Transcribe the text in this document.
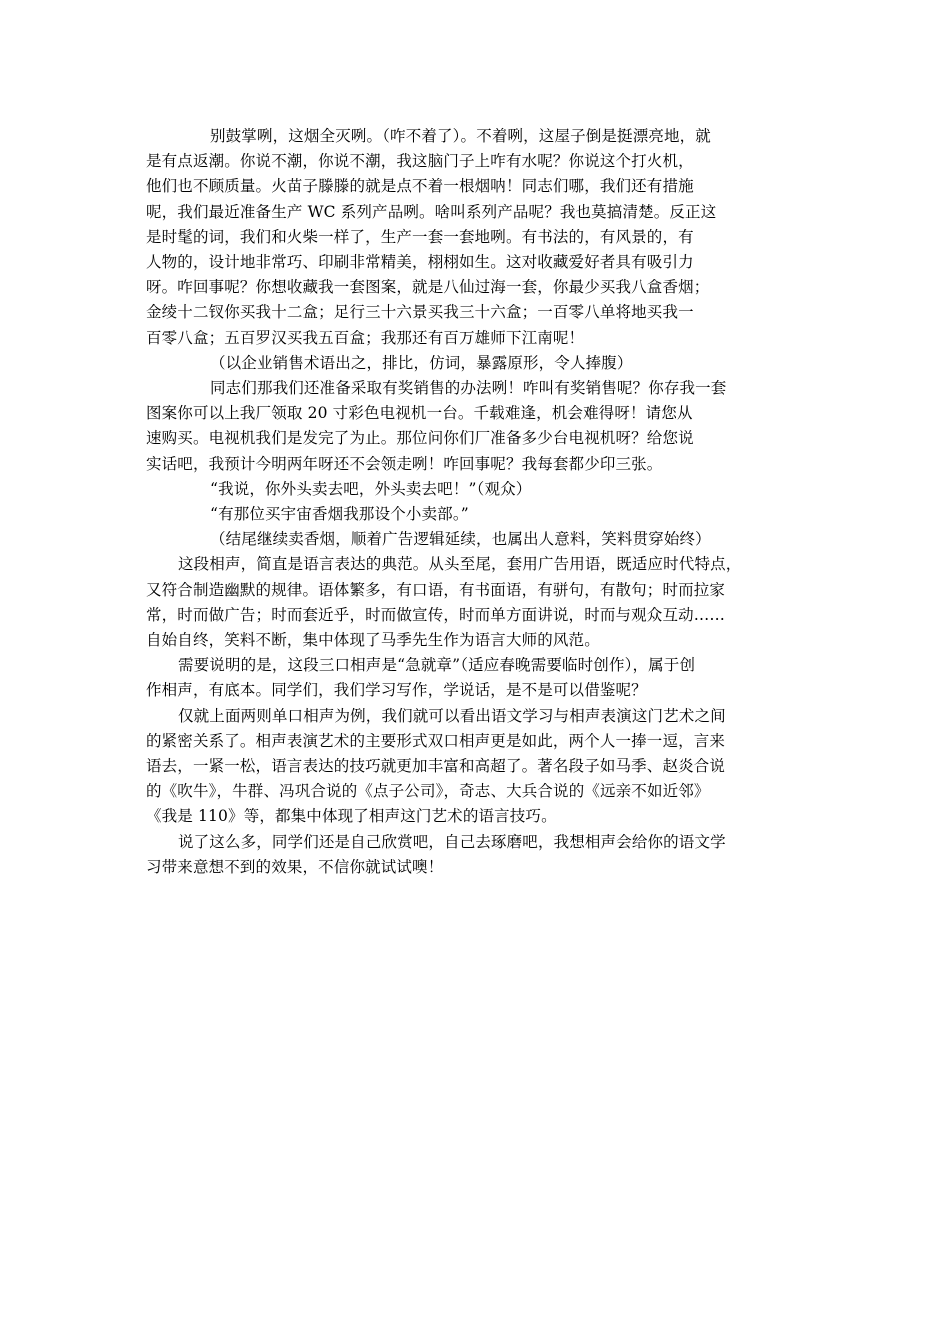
别鼓掌咧，这烟全灭咧。（咋不着了）。不着咧，这屋子倒是挺漂亮地，就
是有点返潮。你说不潮，你说不潮，我这脑门子上咋有水呢？你说这个打火机，
他们也不顾质量。火苗子滕滕的就是点不着一根烟呐！同志们哪，我们还有措施
呢，我们最近准备生产 WC 系列产品咧。啥叫系列产品呢？我也莫搞清楚。反正这
是时髦的词，我们和火柴一样了，生产一套一套地咧。有书法的，有风景的，有
人物的，设计地非常巧、印刷非常精美，栩栩如生。这对收藏爱好者具有吸引力
呀。咋回事呢？你想收藏我一套图案，就是八仙过海一套，你最少买我八盒香烟；
金绫十二钗你买我十二盒；足行三十六景买我三十六盒；一百零八单将地买我一
百零八盒；五百罗汉买我五百盒；我那还有百万雄师下江南呢！
（以企业销售术语出之，排比，仿词，暴露原形，令人捧腹）
同志们那我们还准备采取有奖销售的办法咧！咋叫有奖销售呢？你存我一套
图案你可以上我厂领取 20 寸彩色电视机一台。千载难逢，机会难得呀！请您从
速购买。电视机我们是发完了为止。那位问你们厂准备多少台电视机呀？给您说
实话吧，我预计今明两年呀还不会领走咧！咋回事呢？我每套都少印三张。
“我说，你外头卖去吧，外头卖去吧！”（观众）
“有那位买宇宙香烟我那设个小卖部。”
（结尾继续卖香烟，顺着广告逻辑延续，也属出人意料，笑料贯穿始终）
这段相声，简直是语言表达的典范。从头至尾，套用广告用语，既适应时代特点，
又符合制造幽默的规律。语体繁多，有口语，有书面语，有骈句，有散句；时而拉家
常，时而做广告；时而套近乎，时而做宣传，时而单方面讲说，时而与观众互动……
自始自终，笑料不断，集中体现了马季先生作为语言大师的风范。
需要说明的是，这段三口相声是“急就章”（适应春晚需要临时创作），属于创
作相声，有底本。同学们，我们学习写作，学说话，是不是可以借鉴呢？
仅就上面两则单口相声为例，我们就可以看出语文学习与相声表演这门艺术之间
的紧密关系了。相声表演艺术的主要形式双口相声更是如此，两个人一捧一逗，言来
语去，一紧一松，语言表达的技巧就更加丰富和高超了。著名段子如马季、赵炎合说
的《吹牛》，牛群、冯巩合说的《点子公司》，奇志、大兵合说的《远亲不如近邻》
《我是 110》等，都集中体现了相声这门艺术的语言技巧。
说了这么多，同学们还是自己欣赏吧，自己去琢磨吧，我想相声会给你的语文学
习带来意想不到的效果，不信你就试试噢！
